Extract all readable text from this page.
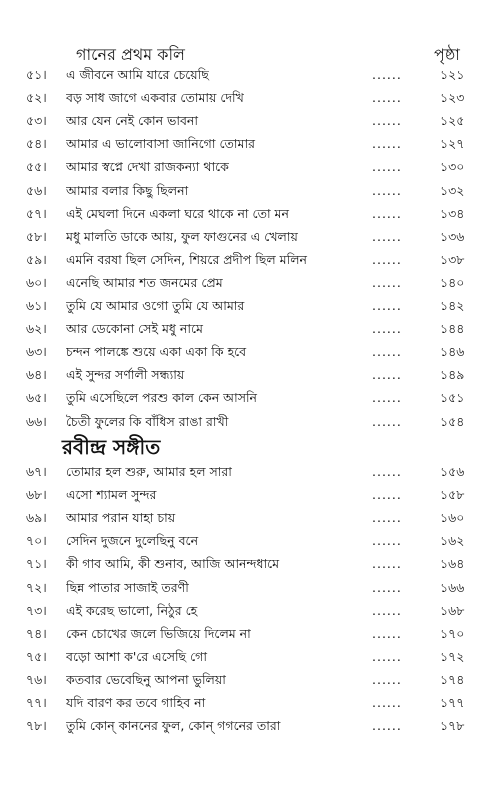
গানের প্রথম কলি	পৃষ্ঠা
৫১। এ জীবনে আমি যারে চেয়েছি	......	১২১
৫২। বড় সাধ জাগে একবার তোমায় দেখি	......	১২৩
৫৩। আর যেন নেই কোন ভাবনা	......	১২৫
৫৪। আমার এ ভালোবাসা জানিগো তোমার	......	১২৭
৫৫। আমার স্বপ্নে দেখা রাজকন্যা থাকে	......	১৩০
৫৬। আমার বলার কিছু ছিলনা	......	১৩২
৫৭। এই মেঘলা দিনে একলা ঘরে থাকে না তো মন	......	১৩৪
৫৮। মধু মালতি ডাকে আয়, ফুল ফাগুনের এ খেলায়	......	১৩৬
৫৯। এমনি বরষা ছিল সেদিন, শিয়রে প্রদীপ ছিল মলিন	......	১৩৮
৬০। এনেছি আমার শত জনমের প্রেম	......	১৪০
৬১। তুমি যে আমার ওগো তুমি যে আমার	......	১৪২
৬২। আর ডেকোনা সেই মধু নামে	......	১৪৪
৬৩। চন্দন পালঙ্কে শুয়ে একা একা কি হবে	......	১৪৬
৬৪। এই সুন্দর সর্ণালী সন্ধ্যায়	......	১৪৯
৬৫। তুমি এসেছিলে পরশু কাল কেন আসনি	......	১৫১
৬৬। চৈতী ফুলের কি বাঁধিস রাঙা রাখী	......	১৫৪
রবীন্দ্র সঙ্গীত
৬৭। তোমার হল শুরু, আমার হল সারা	......	১৫৬
৬৮। এসো শ্যামল সুন্দর	......	১৫৮
৬৯। আমার পরান যাহা চায়	......	১৬০
৭০। সেদিন দুজনে দুলেছিনু বনে	......	১৬২
৭১। কী গাব আমি, কী শুনাব, আজি আনন্দধামে	......	১৬৪
৭২। ছিন্ন পাতার সাজাই তরণী	......	১৬৬
৭৩। এই করেছ ভালো, নিঠুর হে	......	১৬৮
৭৪। কেন চোখের জলে ভিজিয়ে দিলেম না	......	১৭০
৭৫। বড়ো আশা ক'রে এসেছি গো	......	১৭২
৭৬। কতবার ভেবেছিনু আপনা ভুলিয়া	......	১৭৪
৭৭। যদি বারণ কর তবে গাহিব না	......	১৭৭
৭৮। তুমি কোন্ কাননের ফুল, কোন্ গগনের তারা	......	১৭৮
